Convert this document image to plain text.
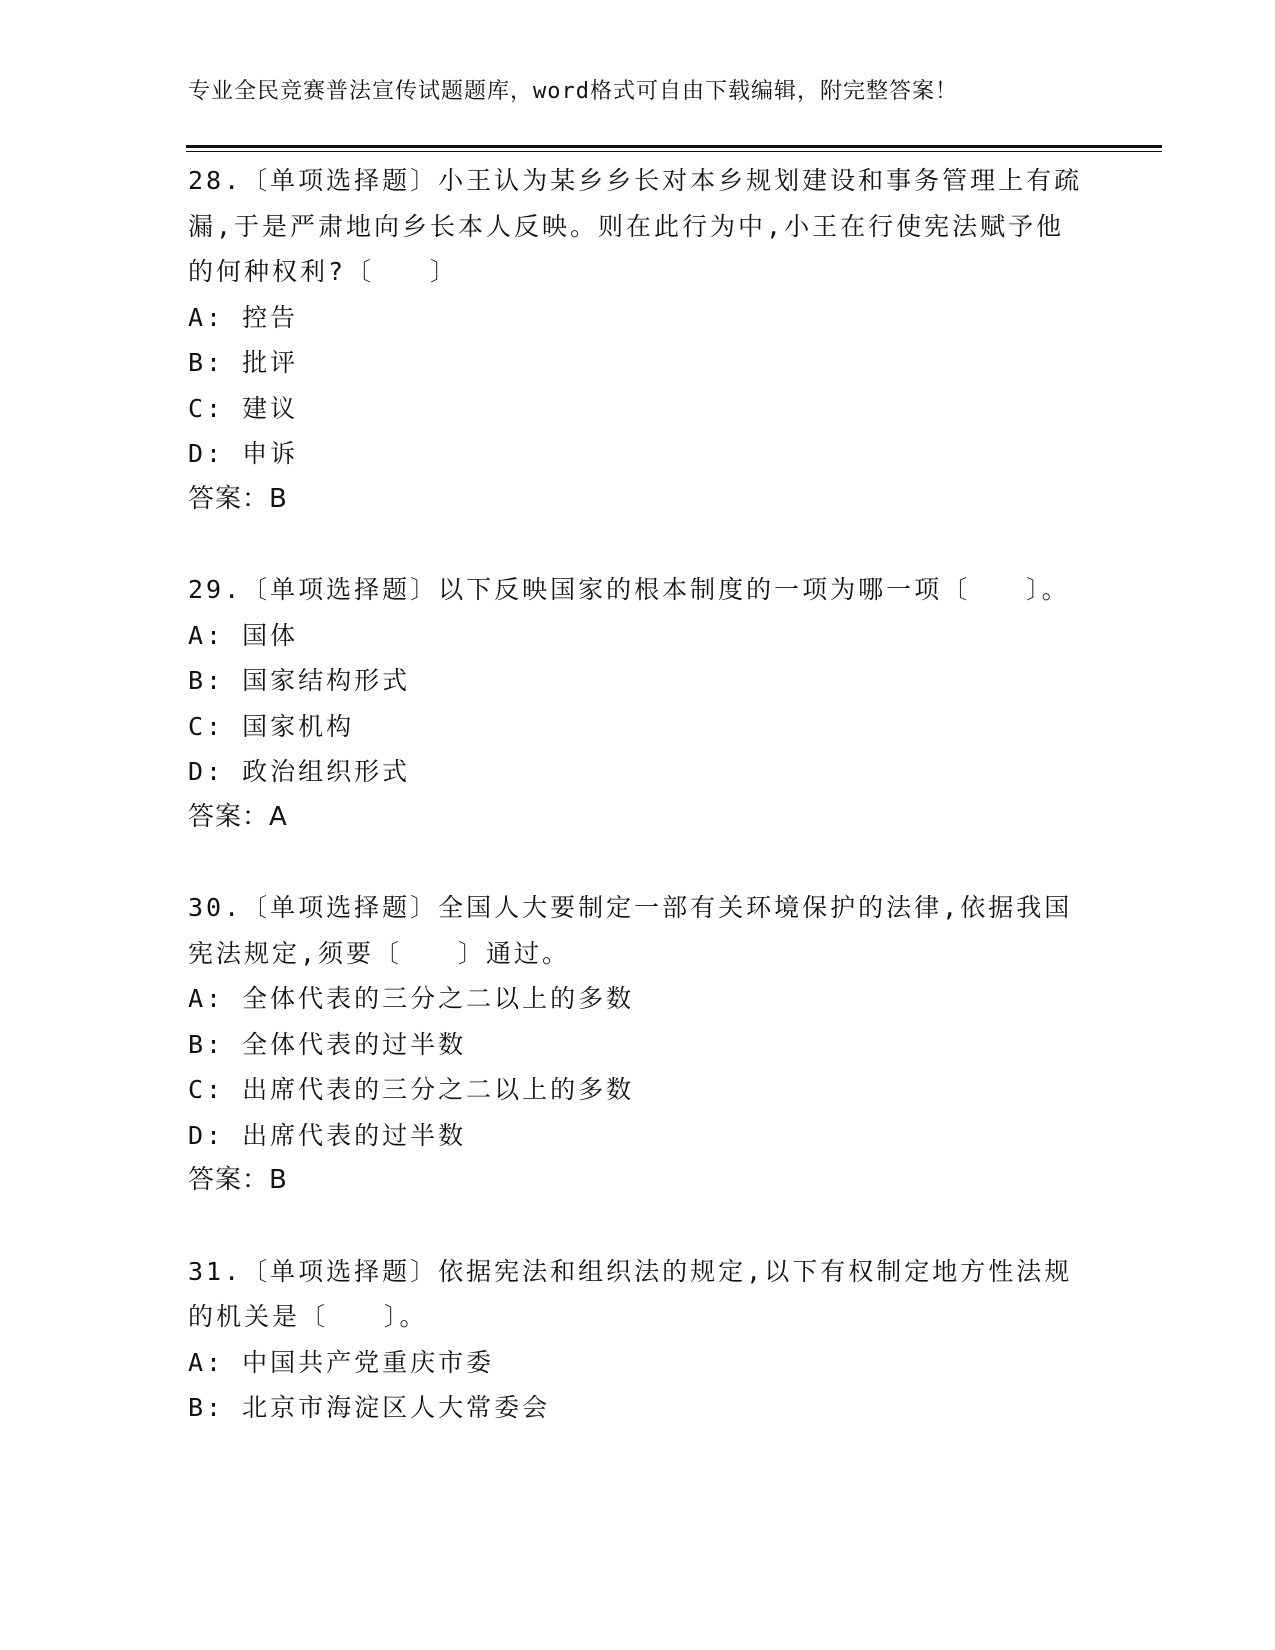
专业全民竞赛普法宣传试题题库，word格式可自由下载编辑，附完整答案！
28.〔单项选择题〕小王认为某乡乡长对本乡规划建设和事务管理上有疏漏,于是严肃地向乡长本人反映。则在此行为中,小王在行使宪法赋予他的何种权利?〔　　〕
A: 控告
B: 批评
C: 建议
D: 申诉
答案：B
29.〔单项选择题〕以下反映国家的根本制度的一项为哪一项〔　　〕。
A: 国体
B: 国家结构形式
C: 国家机构
D: 政治组织形式
答案：A
30.〔单项选择题〕全国人大要制定一部有关环境保护的法律,依据我国宪法规定,须要〔　　〕通过。
A: 全体代表的三分之二以上的多数
B: 全体代表的过半数
C: 出席代表的三分之二以上的多数
D: 出席代表的过半数
答案：B
31.〔单项选择题〕依据宪法和组织法的规定,以下有权制定地方性法规的机关是〔　　〕。
A: 中国共产党重庆市委
B: 北京市海淀区人大常委会
